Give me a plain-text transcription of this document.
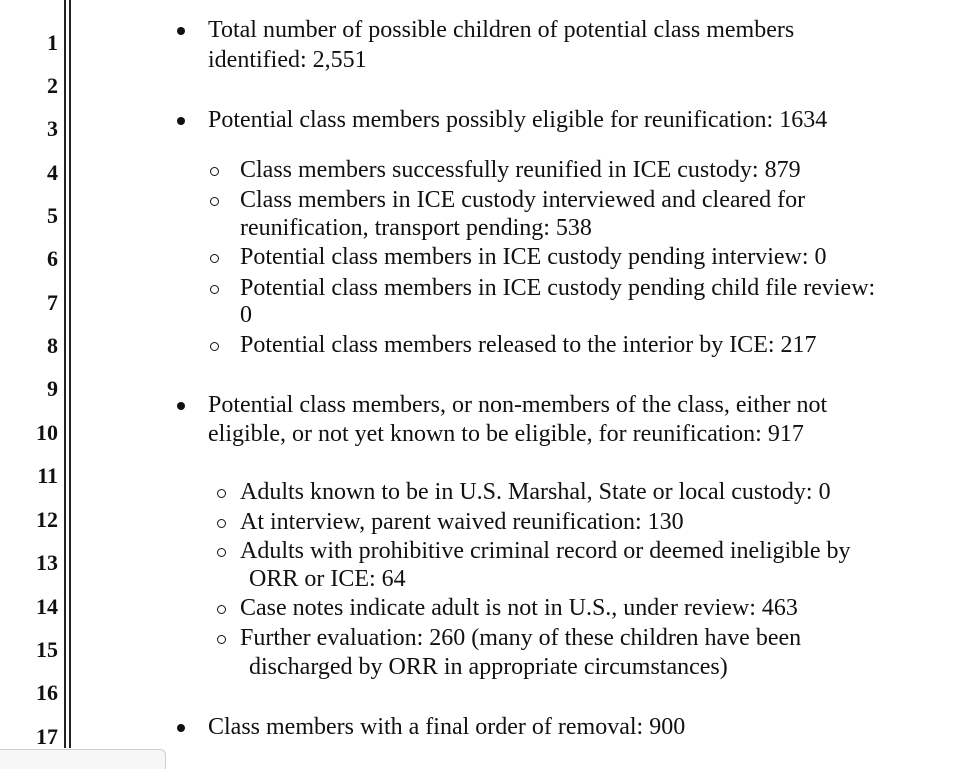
1
2
3
4
5
6
7
8
9
10
11
12
13
14
15
16
17
Total number of possible children of potential class members
identified: 2,551
Potential class members possibly eligible for reunification: 1634
Class members successfully reunified in ICE custody: 879
Class members in ICE custody interviewed and cleared for
reunification, transport pending: 538
Potential class members in ICE custody pending interview: 0
Potential class members in ICE custody pending child file review:
0
Potential class members released to the interior by ICE: 217
Potential class members, or non-members of the class, either not
eligible, or not yet known to be eligible, for reunification: 917
Adults known to be in U.S. Marshal, State or local custody: 0
At interview, parent waived reunification: 130
Adults with prohibitive criminal record or deemed ineligible by
ORR or ICE: 64
Case notes indicate adult is not in U.S., under review: 463
Further evaluation: 260 (many of these children have been
discharged by ORR in appropriate circumstances)
Class members with a final order of removal: 900
